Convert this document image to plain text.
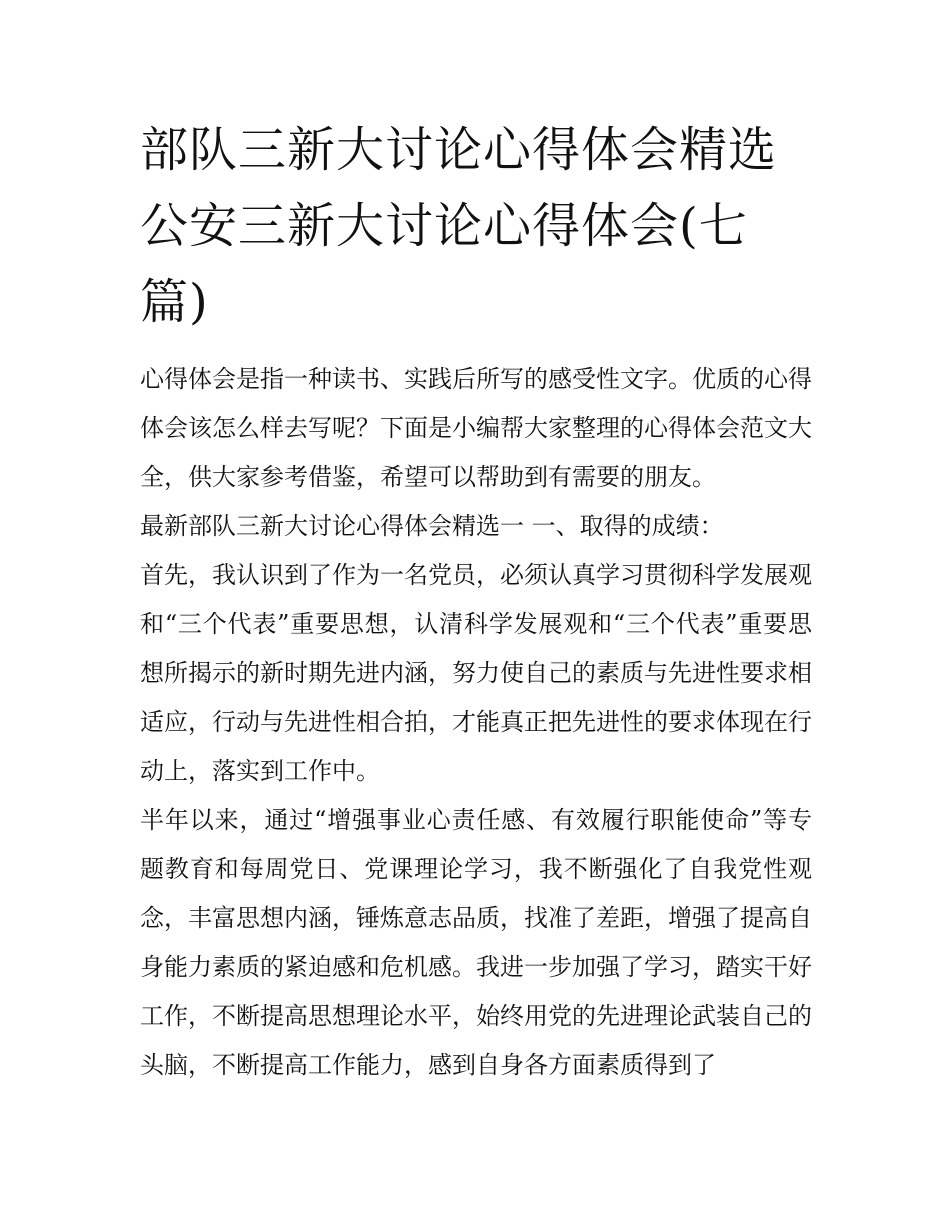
部队三新大讨论心得体会精选公安三新大讨论心得体会(七篇)

心得体会是指一种读书、实践后所写的感受性文字。优质的心得体会该怎么样去写呢？下面是小编帮大家整理的心得体会范文大全，供大家参考借鉴，希望可以帮助到有需要的朋友。

最新部队三新大讨论心得体会精选一 一、取得的成绩：

首先，我认识到了作为一名党员，必须认真学习贯彻科学发展观和“三个代表”重要思想，认清科学发展观和“三个代表”重要思想所揭示的新时期先进内涵，努力使自己的素质与先进性要求相适应，行动与先进性相合拍，才能真正把先进性的要求体现在行动上，落实到工作中。

半年以来，通过“增强事业心责任感、有效履行职能使命”等专题教育和每周党日、党课理论学习，我不断强化了自我党性观念，丰富思想内涵，锤炼意志品质，找准了差距，增强了提高自身能力素质的紧迫感和危机感。我进一步加强了学习，踏实干好工作，不断提高思想理论水平，始终用党的先进理论武装自己的头脑，不断提高工作能力，感到自身各方面素质得到了
